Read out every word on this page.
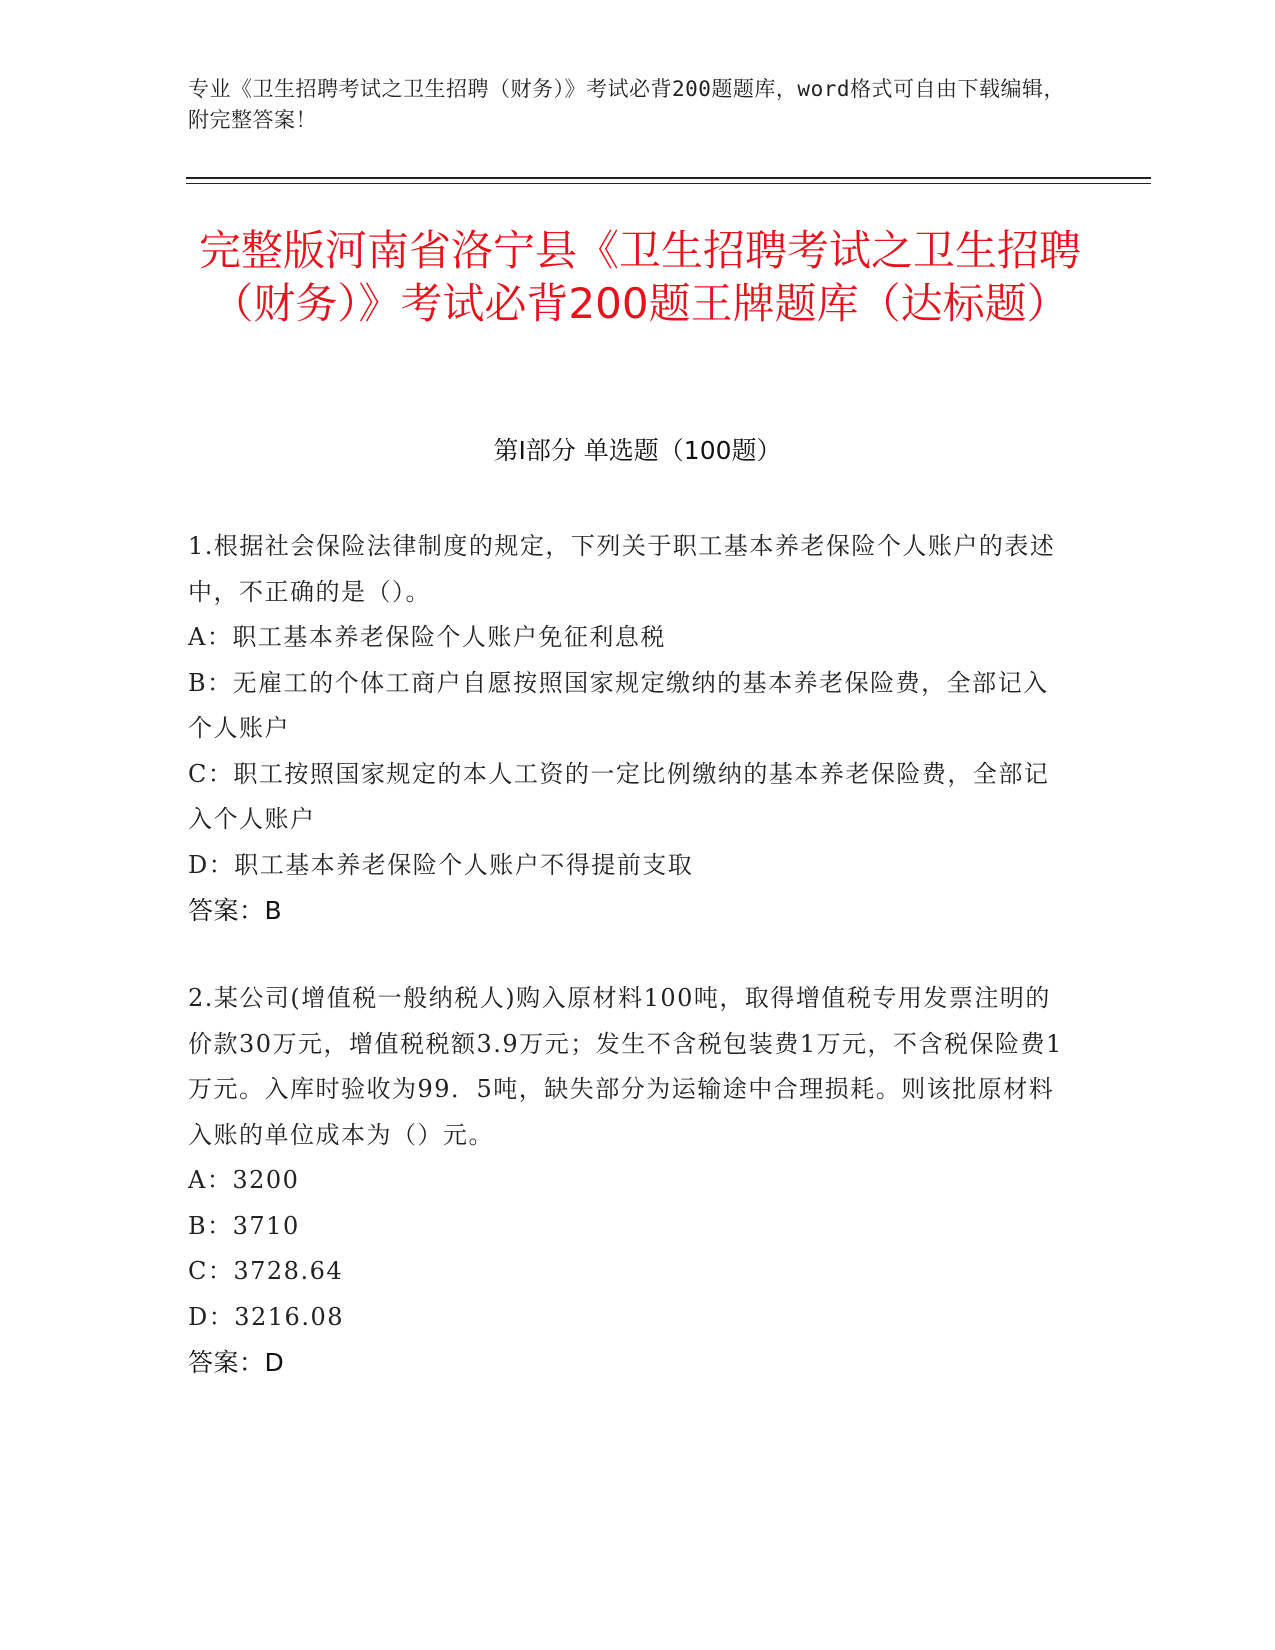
专业《卫生招聘考试之卫生招聘（财务）》考试必背200题题库，word格式可自由下载编辑，附完整答案！
完整版河南省洛宁县《卫生招聘考试之卫生招聘（财务）》考试必背200题王牌题库（达标题）
第Ⅰ部分 单选题（100题）
1.根据社会保险法律制度的规定，下列关于职工基本养老保险个人账户的表述中，不正确的是（）。
A：职工基本养老保险个人账户免征利息税
B：无雇工的个体工商户自愿按照国家规定缴纳的基本养老保险费，全部记入个人账户
C：职工按照国家规定的本人工资的一定比例缴纳的基本养老保险费，全部记入个人账户
D：职工基本养老保险个人账户不得提前支取
答案：B
2.某公司(增值税一般纳税人)购入原材料100吨，取得增值税专用发票注明的价款30万元，增值税税额3.9万元；发生不含税包装费1万元，不含税保险费1万元。入库时验收为99．5吨，缺失部分为运输途中合理损耗。则该批原材料入账的单位成本为（）元。
A：3200
B：3710
C：3728.64
D：3216.08
答案：D
